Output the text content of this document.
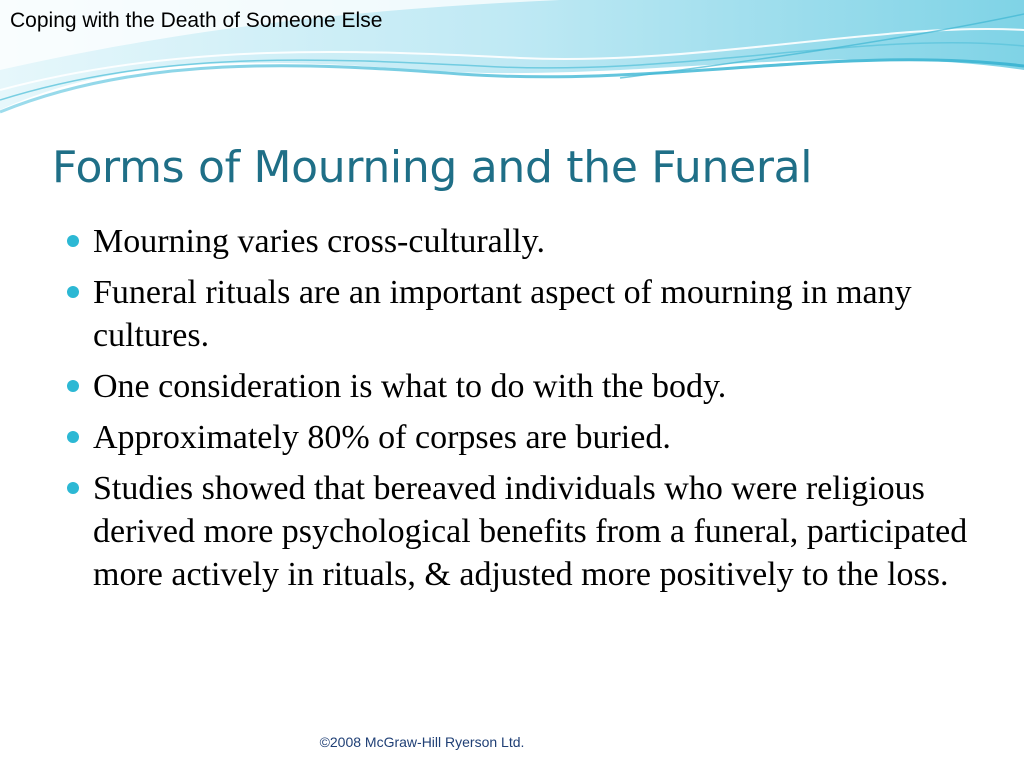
Coping with the Death of Someone Else
Forms of Mourning and the Funeral
Mourning varies cross-culturally.
Funeral rituals are an important aspect of mourning in many cultures.
One consideration is what to do with the body.
Approximately 80% of corpses are buried.
Studies showed that bereaved individuals who were religious derived more psychological benefits from a funeral, participated more actively in rituals, & adjusted more positively to the loss.
©2008 McGraw-Hill Ryerson Ltd.
